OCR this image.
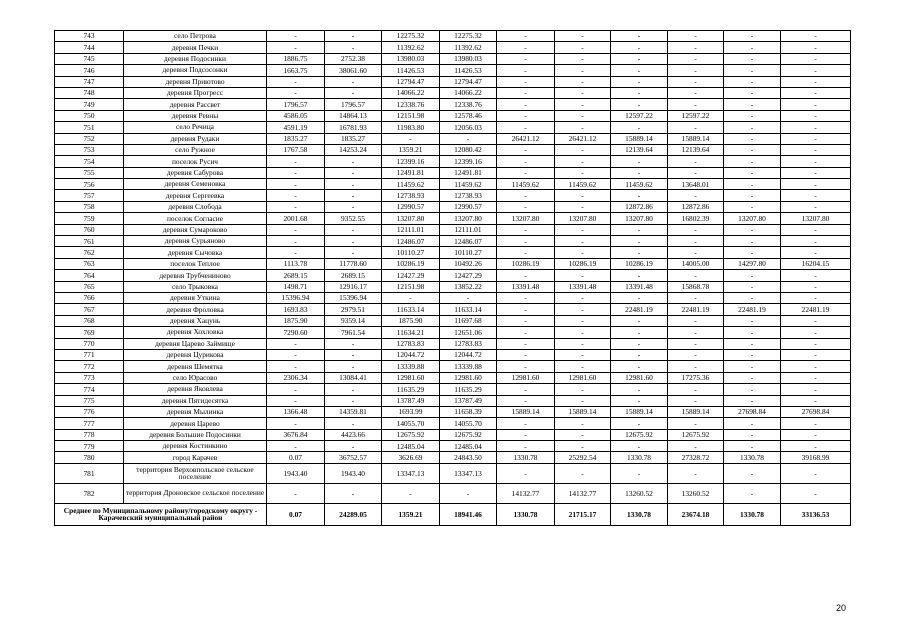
743	село Петрова	-	-	12275.32	12275.32	-	-	-	-	-	-
744	деревня Печки	-	-	11392.62	11392.62	-	-	-	-	-	-
745	деревня Подосинки	1886.75	2752.38	13980.03	13980.03	-	-	-	-	-	-
746	деревня Подсосонки	1663.75	38061.60	11426.53	11426.53	-	-	-	-	-	-
747	деревня Приютово	-	-	12794.47	12794.47	-	-	-	-	-	-
748	деревня Прогресс	-	-	14066.22	14066.22	-	-	-	-	-	-
749	деревня Рассвет	1796.57	1796.57	12338.76	12338.76	-	-	-	-	-	-
750	деревня Ревны	4586.05	14864.13	12151.98	12578.46	-	-	12597.22	12597.22	-	-
751	село Речица	4591.19	16781.93	11983.80	12056.03	-	-	-	-	-	-
752	деревня Рудаки	1835.27	1835.27	-	-	26421.12	26421.12	15889.14	15889.14	-	-
753	село Ружное	1767.58	14253.24	1359.21	12080.42	-	-	12139.64	12139.64	-	-
754	поселок Русич	-	-	12399.16	12399.16	-	-	-	-	-	-
755	деревня Сабурова	-	-	12491.81	12491.81	-	-	-	-	-	-
756	деревня Семеновка	-	-	11459.62	11459.62	11459.62	11459.62	11459.62	13648.01	-	-
757	деревня Сергеевка	-	-	12738.93	12738.93	-	-	-	-	-	-
758	деревня Слобода	-	-	12990.57	12990.57	-	-	12872.86	12872.86	-	-
759	поселок Согласие	2001.68	9352.55	13207.80	13207.80	13207.80	13207.80	13207.80	16802.39	13207.80	13207.80
760	деревня Сумароково	-	-	12111.01	12111.01	-	-	-	-	-	-
761	деревня Сурьяново	-	-	12486.07	12486.07	-	-	-	-	-	-
762	деревня Сычовка	-	-	10110.27	10110.27	-	-	-	-	-	-
763	поселок Теплое	1113.78	11778.60	10286.19	10492.26	10286.19	10286.19	10286.19	14005.00	14297.80	16204.15
764	деревня Трубчениново	2689.15	2689.15	12427.29	12427.29	-	-	-	-	-	-
765	село Трыковка	1498.71	12916.17	12151.98	13852.22	13391.48	13391.48	13391.48	15868.78	-	-
766	деревня Уткина	15396.94	15396.94	-	-	-	-	-	-	-	-
767	деревня Фроловка	1693.83	2979.51	11633.14	11633.14	-	-	22481.19	22481.19	22481.19	22481.19
768	деревня Хацунь	1875.90	9359.14	1875.90	11697.68	-	-	-	-	-	-
769	деревня Хохловка	7290.60	7961.54	11634.21	12651.06	-	-	-	-	-	-
770	деревня Царево Займище	-	-	12783.83	12783.83	-	-	-	-	-	-
771	деревня Цурикова	-	-	12044.72	12044.72	-	-	-	-	-	-
772	деревня Шемятка	-	-	13339.88	13339.88	-	-	-	-	-	-
773	село Юрасово	2306.34	13084.41	12981.60	12981.60	12981.60	12981.60	12981.60	17275.36	-	-
774	деревня Яковлева	-	-	11635.29	11635.29	-	-	-	-	-	-
775	деревня Пятидесятка	-	-	13787.49	13787.49	-	-	-	-	-	-
776	деревня Мылинка	1366.48	14359.81	1693.99	11658.39	15889.14	15889.14	15889.14	15889.14	27698.84	27698.84
777	деревня Царево	-	-	14055.70	14055.70	-	-	-	-	-	-
778	деревня Большие Подосинки	3676.84	4423.66	12675.92	12675.92	-	-	12675.92	12675.92	-	-
779	деревня Костинкино	-	-	12485.04	12485.04	-	-	-	-	-	-
780	город Карачев	0.07	36752.57	3626.69	24843.50	1330.78	25292.54	1330.78	27328.72	1330.78	39168.99
781	территория Верховпольское сельское поселение	1943.40	1943.40	13347.13	13347.13	-	-	-	-	-	-
782	территория Дроновское сельское поселение	-	-	-	-	14132.77	14132.77	13260.52	13260.52	-	-
Среднее по Муниципальному району/городскому округу - Карачевский муниципальный район		0.07	24289.05	1359.21	18941.46	1330.78	21715.17	1330.78	23674.18	1330.78	33136.53
20
